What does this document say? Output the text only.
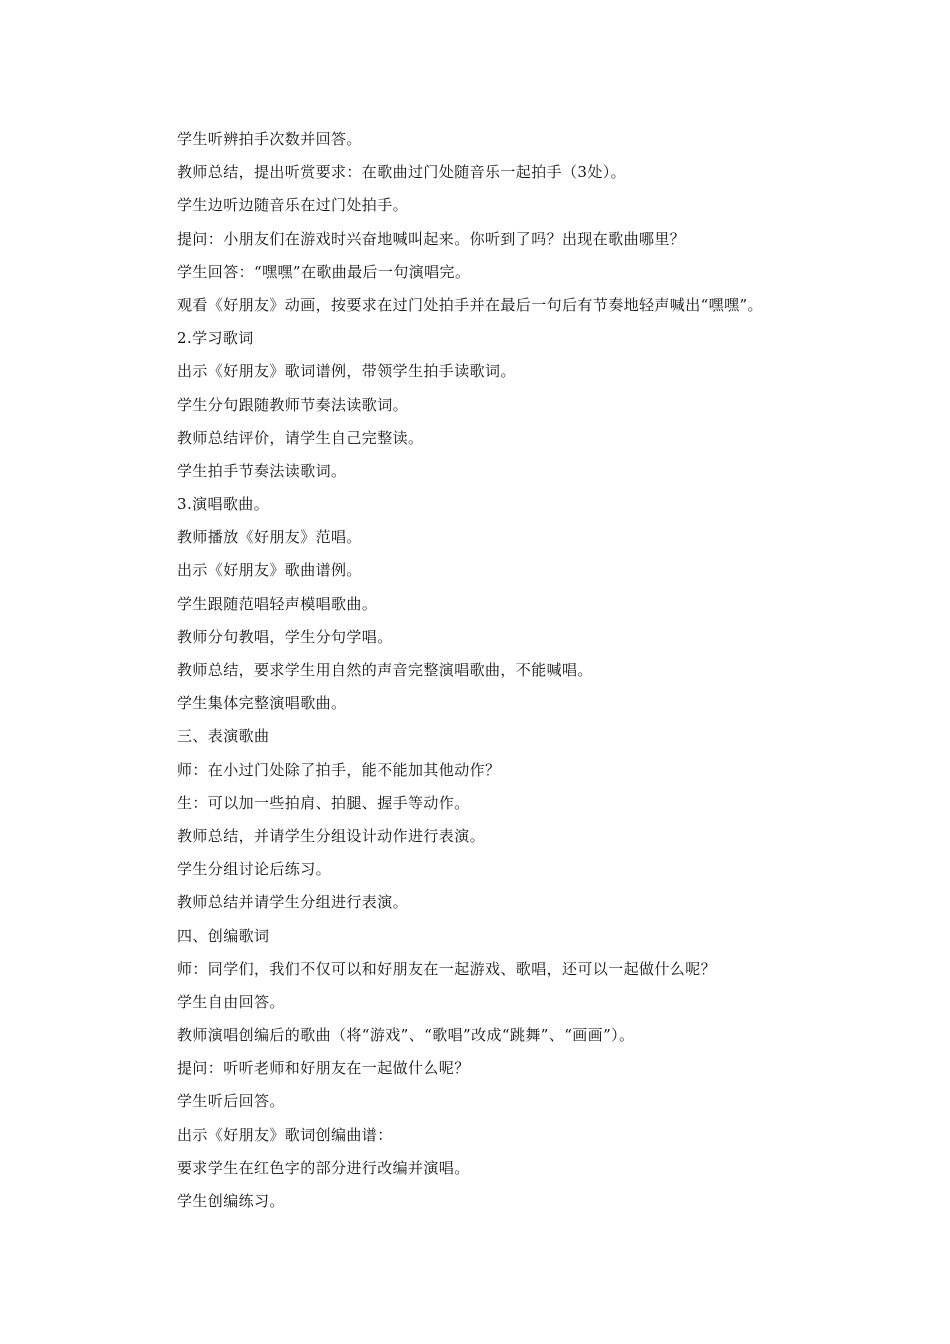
学生听辨拍手次数并回答。
教师总结，提出听赏要求：在歌曲过门处随音乐一起拍手（3处）。
学生边听边随音乐在过门处拍手。
提问：小朋友们在游戏时兴奋地喊叫起来。你听到了吗？出现在歌曲哪里？
学生回答：“嘿嘿”在歌曲最后一句演唱完。
观看《好朋友》动画，按要求在过门处拍手并在最后一句后有节奏地轻声喊出“嘿嘿”。
2.学习歌词
出示《好朋友》歌词谱例，带领学生拍手读歌词。
学生分句跟随教师节奏法读歌词。
教师总结评价，请学生自己完整读。
学生拍手节奏法读歌词。
3.演唱歌曲。
教师播放《好朋友》范唱。
出示《好朋友》歌曲谱例。
学生跟随范唱轻声模唱歌曲。
教师分句教唱，学生分句学唱。
教师总结，要求学生用自然的声音完整演唱歌曲，不能喊唱。
学生集体完整演唱歌曲。
三、表演歌曲
师：在小过门处除了拍手，能不能加其他动作？
生：可以加一些拍肩、拍腿、握手等动作。
教师总结，并请学生分组设计动作进行表演。
学生分组讨论后练习。
教师总结并请学生分组进行表演。
四、创编歌词
师：同学们，我们不仅可以和好朋友在一起游戏、歌唱，还可以一起做什么呢？
学生自由回答。
教师演唱创编后的歌曲（将“游戏”、“歌唱”改成“跳舞”、“画画”）。
提问：听听老师和好朋友在一起做什么呢？
学生听后回答。
出示《好朋友》歌词创编曲谱：
要求学生在红色字的部分进行改编并演唱。
学生创编练习。
